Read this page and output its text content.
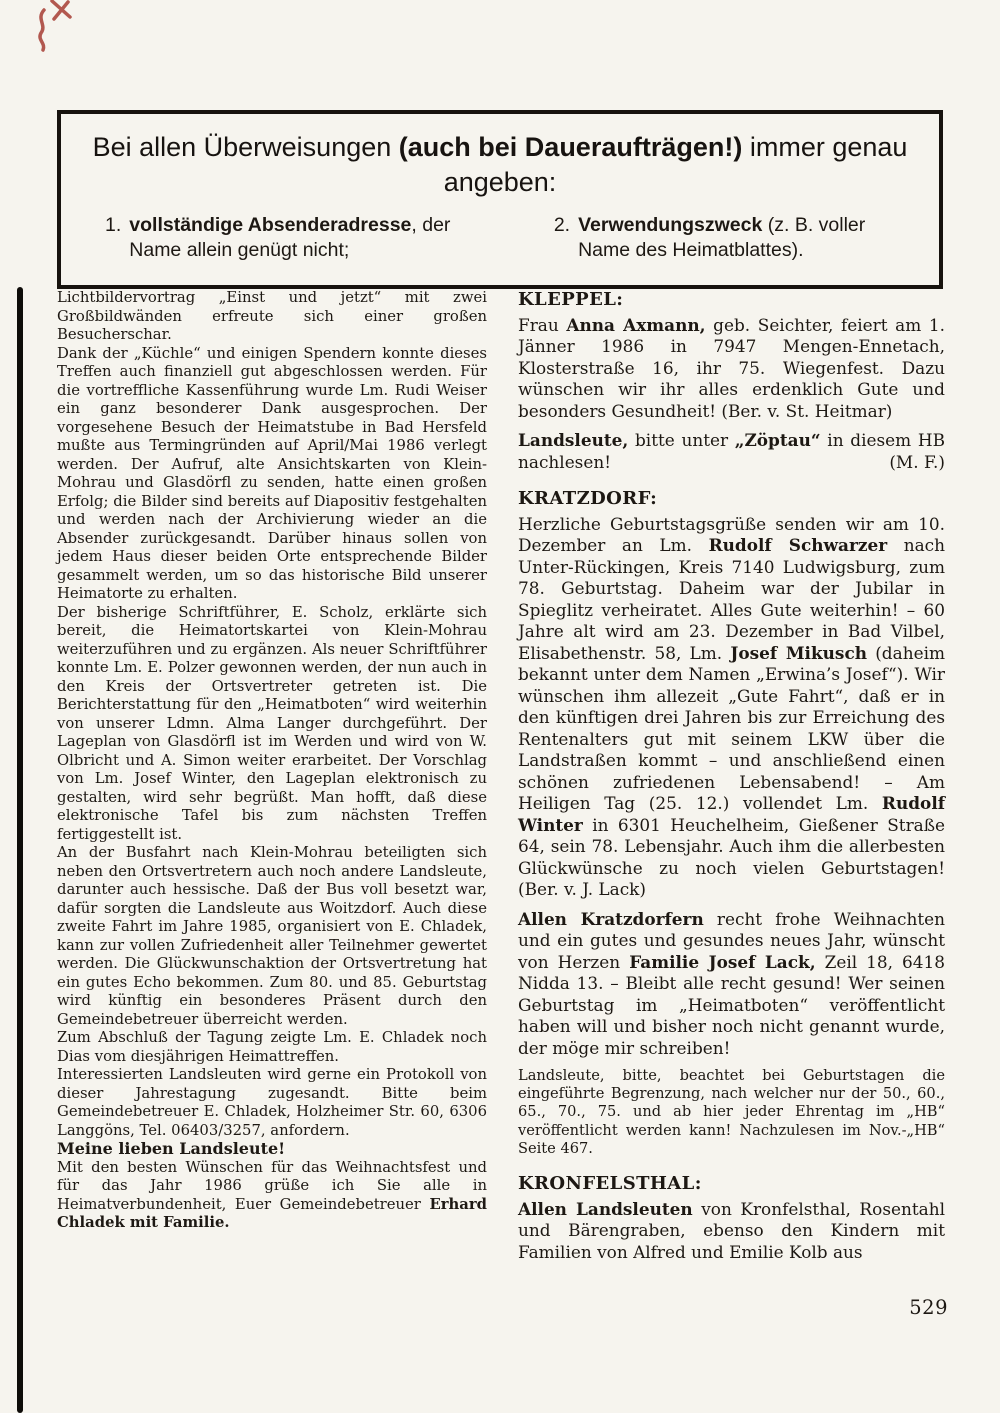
Bei allen Überweisungen (auch bei Daueraufträgen!) immer genau angeben:
1. vollständige Absenderadresse, der Name allein genügt nicht;
2. Verwendungszweck (z. B. voller Name des Heimatblattes).

Lichtbildervortrag „Einst und jetzt“ mit zwei Großbildwänden erfreute sich einer großen Besucherschar.

Dank der „Küchle“ und einigen Spendern konnte dieses Treffen auch finanziell gut abgeschlossen werden. Für die vortreffliche Kassenführung wurde Lm. Rudi Weiser ein ganz besonderer Dank ausgesprochen. Der vorgesehene Besuch der Heimatstube in Bad Hersfeld mußte aus Termingründen auf April/Mai 1986 verlegt werden. Der Aufruf, alte Ansichtskarten von Klein-Mohrau und Glasdörfl zu senden, hatte einen großen Erfolg; die Bilder sind bereits auf Diapositiv festgehalten und werden nach der Archivierung wieder an die Absender zurückgesandt. Darüber hinaus sollen von jedem Haus dieser beiden Orte entsprechende Bilder gesammelt werden, um so das historische Bild unserer Heimatorte zu erhalten.

Der bisherige Schriftführer, E. Scholz, erklärte sich bereit, die Heimatortskartei von Klein-Mohrau weiterzuführen und zu ergänzen. Als neuer Schriftführer konnte Lm. E. Polzer gewonnen werden, der nun auch in den Kreis der Ortsvertreter getreten ist. Die Berichterstattung für den „Heimatboten“ wird weiterhin von unserer Ldmn. Alma Langer durchgeführt. Der Lageplan von Glasdörfl ist im Werden und wird von W. Olbricht und A. Simon weiter erarbeitet. Der Vorschlag von Lm. Josef Winter, den Lageplan elektronisch zu gestalten, wird sehr begrüßt. Man hofft, daß diese elektronische Tafel bis zum nächsten Treffen fertiggestellt ist.

An der Busfahrt nach Klein-Mohrau beteiligten sich neben den Ortsvertretern auch noch andere Landsleute, darunter auch hessische. Daß der Bus voll besetzt war, dafür sorgten die Landsleute aus Woitzdorf. Auch diese zweite Fahrt im Jahre 1985, organisiert von E. Chladek, kann zur vollen Zufriedenheit aller Teilnehmer gewertet werden. Die Glückwunschaktion der Ortsvertretung hat ein gutes Echo bekommen. Zum 80. und 85. Geburtstag wird künftig ein besonderes Präsent durch den Gemeindebetreuer überreicht werden.

Zum Abschluß der Tagung zeigte Lm. E. Chladek noch Dias vom diesjährigen Heimattreffen.

Interessierten Landsleuten wird gerne ein Protokoll von dieser Jahrestagung zugesandt. Bitte beim Gemeindebetreuer E. Chladek, Holzheimer Str. 60, 6306 Langgöns, Tel. 06403/3257, anfordern.

Meine lieben Landsleute!

Mit den besten Wünschen für das Weihnachtsfest und für das Jahr 1986 grüße ich Sie alle in Heimatverbundenheit, Euer Gemeindebetreuer Erhard Chladek mit Familie.

KLEPPEL:

Frau Anna Axmann, geb. Seichter, feiert am 1. Jänner 1986 in 7947 Mengen-Ennetach, Klosterstraße 16, ihr 75. Wiegenfest. Dazu wünschen wir ihr alles erdenklich Gute und besonders Gesundheit! (Ber. v. St. Heitmar)

Landsleute, bitte unter „Zöptau“ in diesem HB nachlesen!	(M. F.)

KRATZDORF:

Herzliche Geburtstagsgrüße senden wir am 10. Dezember an Lm. Rudolf Schwarzer nach Unter-Rückingen, Kreis 7140 Ludwigsburg, zum 78. Geburtstag. Daheim war der Jubilar in Spieglitz verheiratet. Alles Gute weiterhin! – 60 Jahre alt wird am 23. Dezember in Bad Vilbel, Elisabethenstr. 58, Lm. Josef Mikusch (daheim bekannt unter dem Namen „Erwina’s Josef“). Wir wünschen ihm allezeit „Gute Fahrt“, daß er in den künftigen drei Jahren bis zur Erreichung des Rentenalters gut mit seinem LKW über die Landstraßen kommt – und anschließend einen schönen zufriedenen Lebensabend! – Am Heiligen Tag (25. 12.) vollendet Lm. Rudolf Winter in 6301 Heuchelheim, Gießener Straße 64, sein 78. Lebensjahr. Auch ihm die allerbesten Glückwünsche zu noch vielen Geburtstagen! (Ber. v. J. Lack)

Allen Kratzdorfern recht frohe Weihnachten und ein gutes und gesundes neues Jahr, wünscht von Herzen Familie Josef Lack, Zeil 18, 6418 Nidda 13. – Bleibt alle recht gesund! Wer seinen Geburtstag im „Heimatboten“ veröffentlicht haben will und bisher noch nicht genannt wurde, der möge mir schreiben!

Landsleute, bitte, beachtet bei Geburtstagen die eingeführte Begrenzung, nach welcher nur der 50., 60., 65., 70., 75. und ab hier jeder Ehrentag im „HB“ veröffentlicht werden kann! Nachzulesen im Nov.-„HB“ Seite 467.

KRONFELSTHAL:

Allen Landsleuten von Kronfelsthal, Rosentahl und Bärengraben, ebenso den Kindern mit Familien von Alfred und Emilie Kolb aus

529
